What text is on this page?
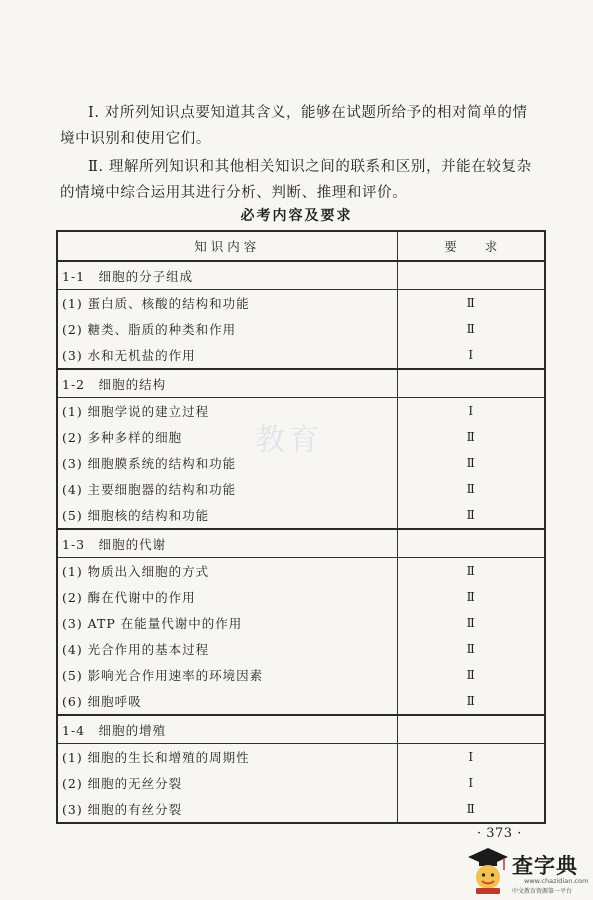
Ⅰ. 对所列知识点要知道其含义，能够在试题所给予的相对简单的情境中识别和使用它们。

Ⅱ. 理解所列知识和其他相关知识之间的联系和区别，并能在较复杂的情境中综合运用其进行分析、判断、推理和评价。

必考内容及要求
知识内容	要求
1-1　细胞的分子组成	
(1) 蛋白质、核酸的结构和功能	Ⅱ
(2) 糖类、脂质的种类和作用	Ⅱ
(3) 水和无机盐的作用	Ⅰ
1-2　细胞的结构	
(1) 细胞学说的建立过程	Ⅰ
(2) 多种多样的细胞	Ⅱ
(3) 细胞膜系统的结构和功能	Ⅱ
(4) 主要细胞器的结构和功能	Ⅱ
(5) 细胞核的结构和功能	Ⅱ
1-3　细胞的代谢	
(1) 物质出入细胞的方式	Ⅱ
(2) 酶在代谢中的作用	Ⅱ
(3) ATP 在能量代谢中的作用	Ⅱ
(4) 光合作用的基本过程	Ⅱ
(5) 影响光合作用速率的环境因素	Ⅱ
(6) 细胞呼吸	Ⅱ
1-4　细胞的增殖	
(1) 细胞的生长和增殖的周期性	Ⅰ
(2) 细胞的无丝分裂	Ⅰ
(3) 细胞的有丝分裂	Ⅱ
教育
· 373 ·
查字典
www.chazidian.com
中文教育资源第一平台
